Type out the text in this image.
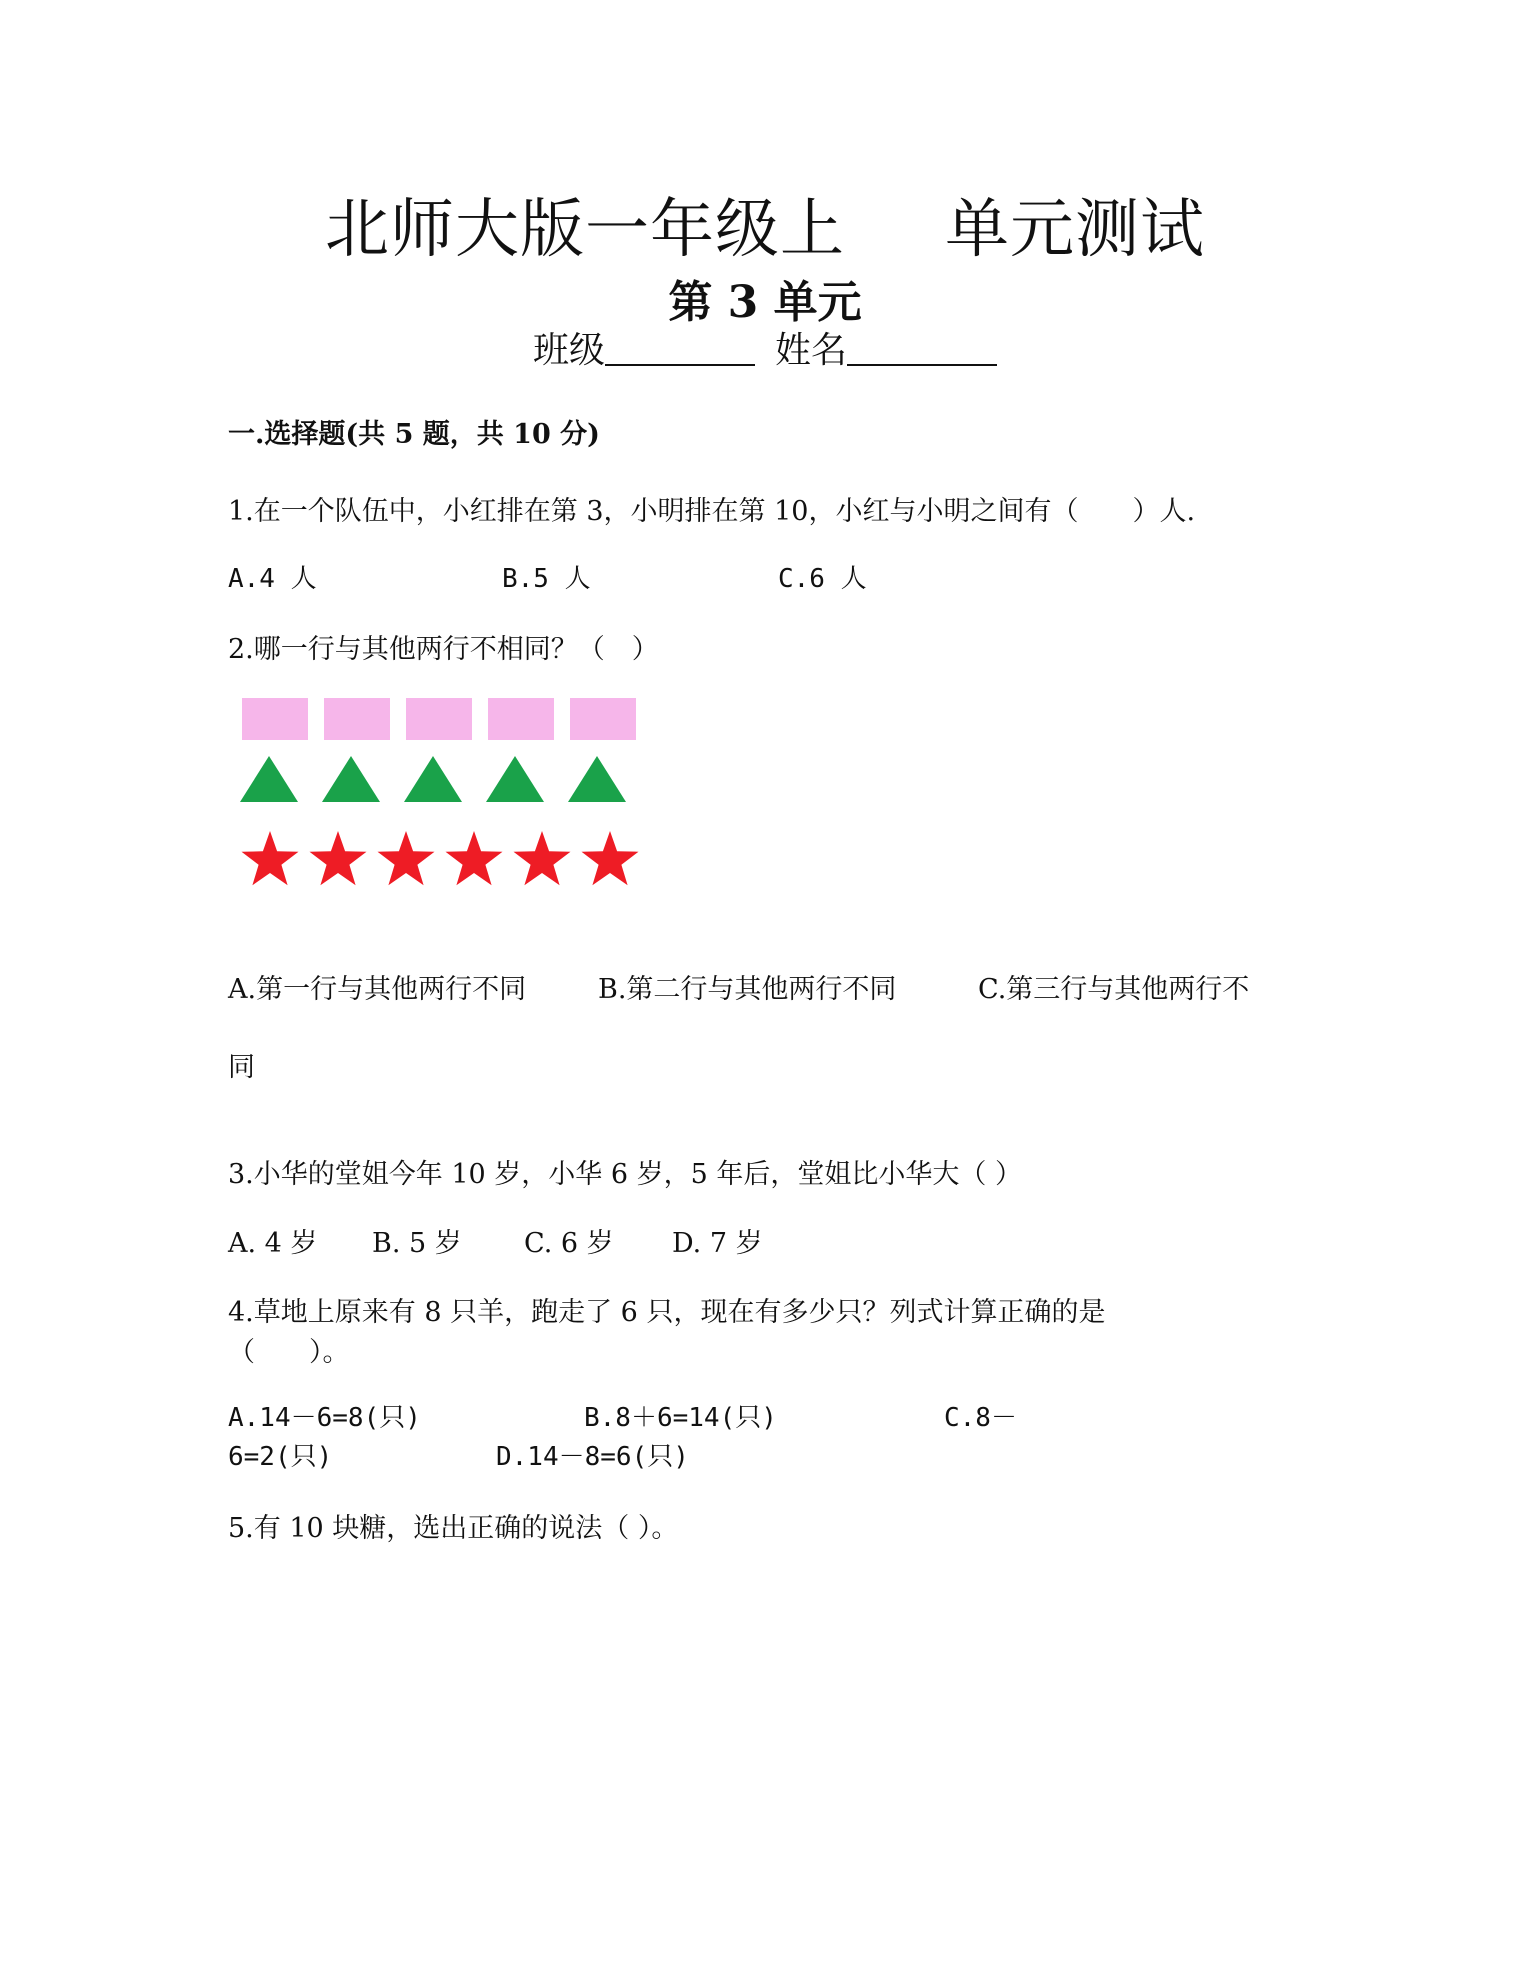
北师大版一年级上 单元测试
第 3 单元
班级	姓名
一.选择题(共 5 题，共 10 分)
1.在一个队伍中，小红排在第 3，小明排在第 10，小红与小明之间有（　　）人.
A.4 人	B.5 人	C.6 人
2.哪一行与其他两行不相同？（　）
A.第一行与其他两行不同	B.第二行与其他两行不同	C.第三行与其他两行不
同
3.小华的堂姐今年 10 岁，小华 6 岁，5 年后，堂姐比小华大（ ）
A. 4 岁 B. 5 岁 C. 6 岁 D. 7 岁
4.草地上原来有 8 只羊，跑走了 6 只，现在有多少只？列式计算正确的是
（　　）。
A.14－6=8(只)	B.8＋6=14(只)	C.8－
6=2(只)	D.14－8=6(只)
5.有 10 块糖，选出正确的说法（ ）。
